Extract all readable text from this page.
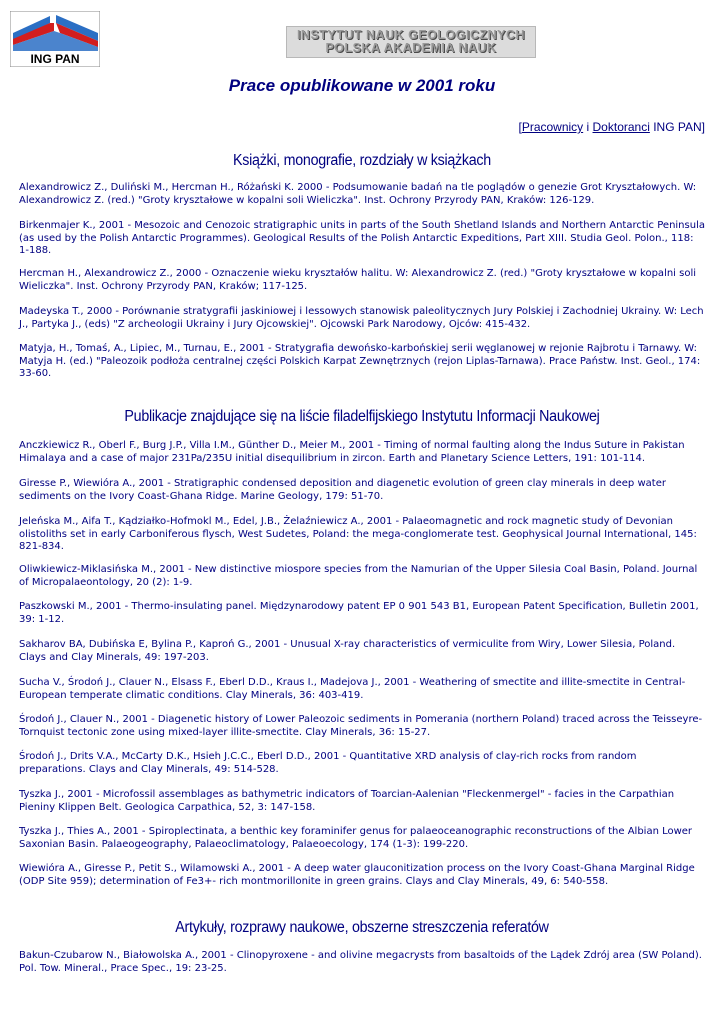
ING PAN
INSTYTUT NAUK GEOLOGICZNYCH
POLSKA AKADEMIA NAUK
Prace opublikowane w 2001 roku
[Pracownicy i Doktoranci ING PAN]
Książki, monografie, rozdziały w książkach

Alexandrowicz Z., Duliński M., Hercman H., Różański K. 2000 - Podsumowanie badań na tle poglądów o genezie Grot Kryształowych. W: Alexandrowicz Z. (red.) "Groty kryształowe w kopalni soli Wieliczka". Inst. Ochrony Przyrody PAN, Kraków: 126-129.

Birkenmajer K., 2001 - Mesozoic and Cenozoic stratigraphic units in parts of the South Shetland Islands and Northern Antarctic Peninsula (as used by the Polish Antarctic Programmes). Geological Results of the Polish Antarctic Expeditions, Part XIII. Studia Geol. Polon., 118: 1-188.

Hercman H., Alexandrowicz Z., 2000 - Oznaczenie wieku kryształów halitu. W: Alexandrowicz Z. (red.) "Groty kryształowe w kopalni soli Wieliczka". Inst. Ochrony Przyrody PAN, Kraków; 117-125.

Madeyska T., 2000 - Porównanie stratygrafii jaskiniowej i lessowych stanowisk paleolitycznych Jury Polskiej i Zachodniej Ukrainy. W: Lech J., Partyka J., (eds) "Z archeologii Ukrainy i Jury Ojcowskiej". Ojcowski Park Narodowy, Ojców: 415-432.

Matyja, H., Tomaś, A., Lipiec, M., Turnau, E., 2001 - Stratygrafia dewońsko-karbońskiej serii węglanowej w rejonie Rajbrotu i Tarnawy. W: Matyja H. (ed.) "Paleozoik podłoża centralnej części Polskich Karpat Zewnętrznych (rejon Liplas-Tarnawa). Prace Państw. Inst. Geol., 174: 33-60.

Publikacje znajdujące się na liście filadelfijskiego Instytutu Informacji Naukowej

Anczkiewicz R., Oberl F., Burg J.P., Villa I.M., Günther D., Meier M., 2001 - Timing of normal faulting along the Indus Suture in Pakistan Himalaya and a case of major 231Pa/235U initial disequilibrium in zircon. Earth and Planetary Science Letters, 191: 101-114.

Giresse P., Wiewióra A., 2001 - Stratigraphic condensed deposition and diagenetic evolution of green clay minerals in deep water sediments on the Ivory Coast-Ghana Ridge. Marine Geology, 179: 51-70.

Jeleńska M., Aifa T., Kądziałko-Hofmokl M., Edel, J.B., Żelaźniewicz A., 2001 - Palaeomagnetic and rock magnetic study of Devonian olistoliths set in early Carboniferous flysch, West Sudetes, Poland: the mega-conglomerate test. Geophysical Journal International, 145: 821-834.

Oliwkiewicz-Miklasińska M., 2001 - New distinctive miospore species from the Namurian of the Upper Silesia Coal Basin, Poland. Journal of Micropalaeontology, 20 (2): 1-9.

Paszkowski M., 2001 - Thermo-insulating panel. Międzynarodowy patent EP 0 901 543 B1, European Patent Specification, Bulletin 2001, 39: 1-12.

Sakharov BA, Dubińska E, Bylina P., Kaproń G., 2001 - Unusual X-ray characteristics of vermiculite from Wiry, Lower Silesia, Poland. Clays and Clay Minerals, 49: 197-203.

Sucha V., Środoń J., Clauer N., Elsass F., Eberl D.D., Kraus I., Madejova J., 2001 - Weathering of smectite and illite-smectite in Central-European temperate climatic conditions. Clay Minerals, 36: 403-419.

Środoń J., Clauer N., 2001 - Diagenetic history of Lower Paleozoic sediments in Pomerania (northern Poland) traced across the Teisseyre-Tornquist tectonic zone using mixed-layer illite-smectite. Clay Minerals, 36: 15-27.

Środoń J., Drits V.A., McCarty D.K., Hsieh J.C.C., Eberl D.D., 2001 - Quantitative XRD analysis of clay-rich rocks from random preparations. Clays and Clay Minerals, 49: 514-528.

Tyszka J., 2001 - Microfossil assemblages as bathymetric indicators of Toarcian-Aalenian "Fleckenmergel" - facies in the Carpathian Pieniny Klippen Belt. Geologica Carpathica, 52, 3: 147-158.

Tyszka J., Thies A., 2001 - Spiroplectinata, a benthic key foraminifer genus for palaeoceanographic reconstructions of the Albian Lower Saxonian Basin. Palaeogeography, Palaeoclimatology, Palaeoecology, 174 (1-3): 199-220.

Wiewióra A., Giresse P., Petit S., Wilamowski A., 2001 - A deep water glauconitization process on the Ivory Coast-Ghana Marginal Ridge (ODP Site 959); determination of Fe3+- rich montmorillonite in green grains. Clays and Clay Minerals, 49, 6: 540-558.

Artykuły, rozprawy naukowe, obszerne streszczenia referatów

Bakun-Czubarow N., Białowolska A., 2001 - Clinopyroxene - and olivine megacrysts from basaltoids of the Lądek Zdrój area (SW Poland). Pol. Tow. Mineral., Prace Spec., 19: 23-25.
